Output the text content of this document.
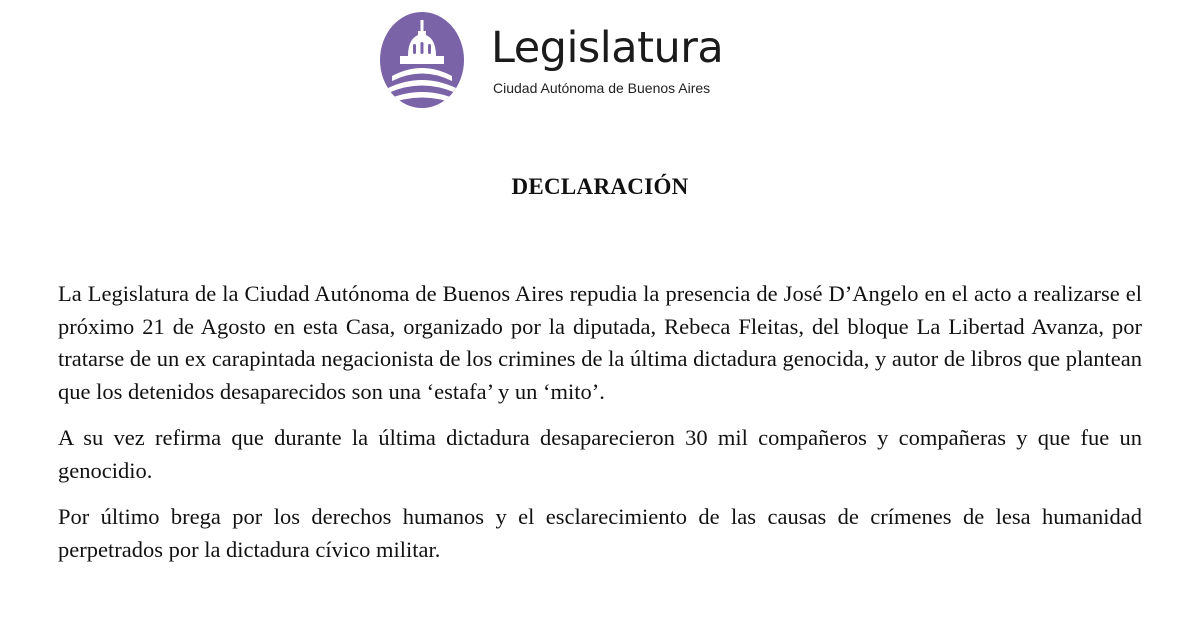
Legislatura
Ciudad Autónoma de Buenos Aires
DECLARACIÓN

La Legislatura de la Ciudad Autónoma de Buenos Aires repudia la presencia de José D’Angelo en el acto a realizarse el próximo 21 de Agosto en esta Casa, organizado por la diputada, Rebeca Fleitas, del bloque La Libertad Avanza, por tratarse de un ex carapintada negacionista de los crimines de la última dictadura genocida, y autor de libros que plantean que los detenidos desaparecidos son una ‘estafa’ y un ‘mito’.

A su vez refirma que durante la última dictadura desaparecieron 30 mil compañeros y compañeras y que fue un genocidio.

Por último brega por los derechos humanos y el esclarecimiento de las causas de crímenes de lesa humanidad perpetrados por la dictadura cívico militar.
